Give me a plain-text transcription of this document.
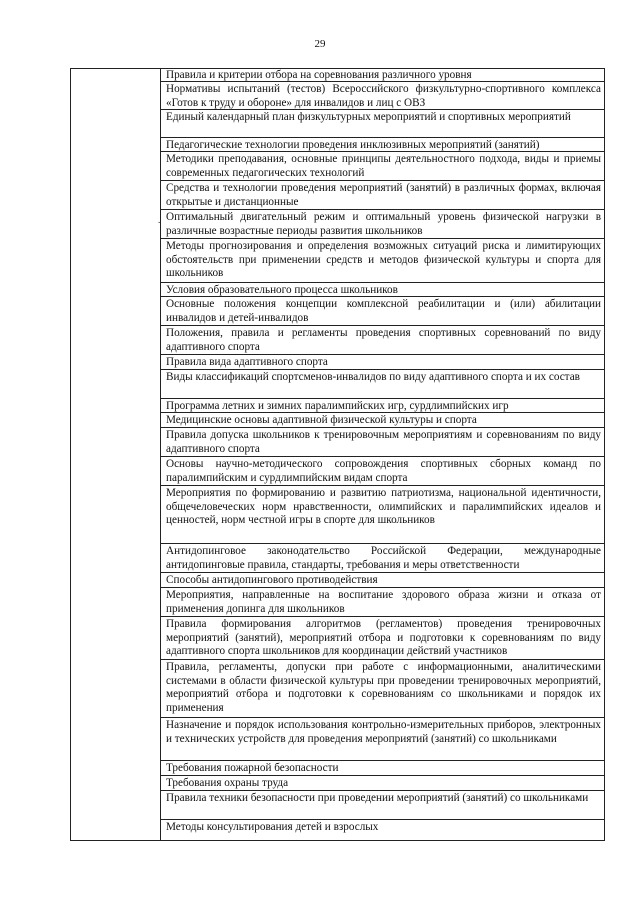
29
.
Правила и критерии отбора на соревнования различного уровня
Нормативы испытаний (тестов) Всероссийского физкультурно-спортивного комплекса «Готов к труду и обороне» для инвалидов и лиц с ОВЗ
Единый календарный план физкультурных мероприятий и спортивных мероприятий
Педагогические технологии проведения инклюзивных мероприятий (занятий)
Методики преподавания, основные принципы деятельностного подхода, виды и приемы современных педагогических технологий
Средства и технологии проведения мероприятий (занятий) в различных формах, включая открытые и дистанционные
Оптимальный двигательный режим и оптимальный уровень физической нагрузки в различные возрастные периоды развития школьников
Методы прогнозирования и определения возможных ситуаций риска и лимитирующих обстоятельств при применении средств и методов физической культуры и спорта для школьников
Условия образовательного процесса школьников
Основные положения концепции комплексной реабилитации и (или) абилитации инвалидов и детей-инвалидов
Положения, правила и регламенты проведения спортивных соревнований по виду адаптивного спорта
Правила вида адаптивного спорта
Виды классификаций спортсменов-инвалидов по виду адаптивного спорта и их состав
Программа летних и зимних паралимпийских игр, сурдлимпийских игр
Медицинские основы адаптивной физической культуры и спорта
Правила допуска школьников к тренировочным мероприятиям и соревнованиям по виду адаптивного спорта
Основы научно-методического сопровождения спортивных сборных команд по паралимпийским и сурдлимпийским видам спорта
Мероприятия по формированию и развитию патриотизма, национальной идентичности, общечеловеческих норм нравственности, олимпийских и паралимпийских идеалов и ценностей, норм честной игры в спорте для школьников
Антидопинговое законодательство Российской Федерации, международные антидопинговые правила, стандарты, требования и меры ответственности
Способы антидопингового противодействия
Мероприятия, направленные на воспитание здорового образа жизни и отказа от применения допинга для школьников
Правила формирования алгоритмов (регламентов) проведения тренировочных мероприятий (занятий), мероприятий отбора и подготовки к соревнованиям по виду адаптивного спорта школьников для координации действий участников
Правила, регламенты, допуски при работе с информационными, аналитическими системами в области физической культуры при проведении тренировочных мероприятий, мероприятий отбора и подготовки к соревнованиям со школьниками и порядок их применения
Назначение и порядок использования контрольно-измерительных приборов, электронных и технических устройств для проведения мероприятий (занятий) со школьниками
Требования пожарной безопасности
Требования охраны труда
Правила техники безопасности при проведении мероприятий (занятий) со школьниками
Методы консультирования детей и взрослых
